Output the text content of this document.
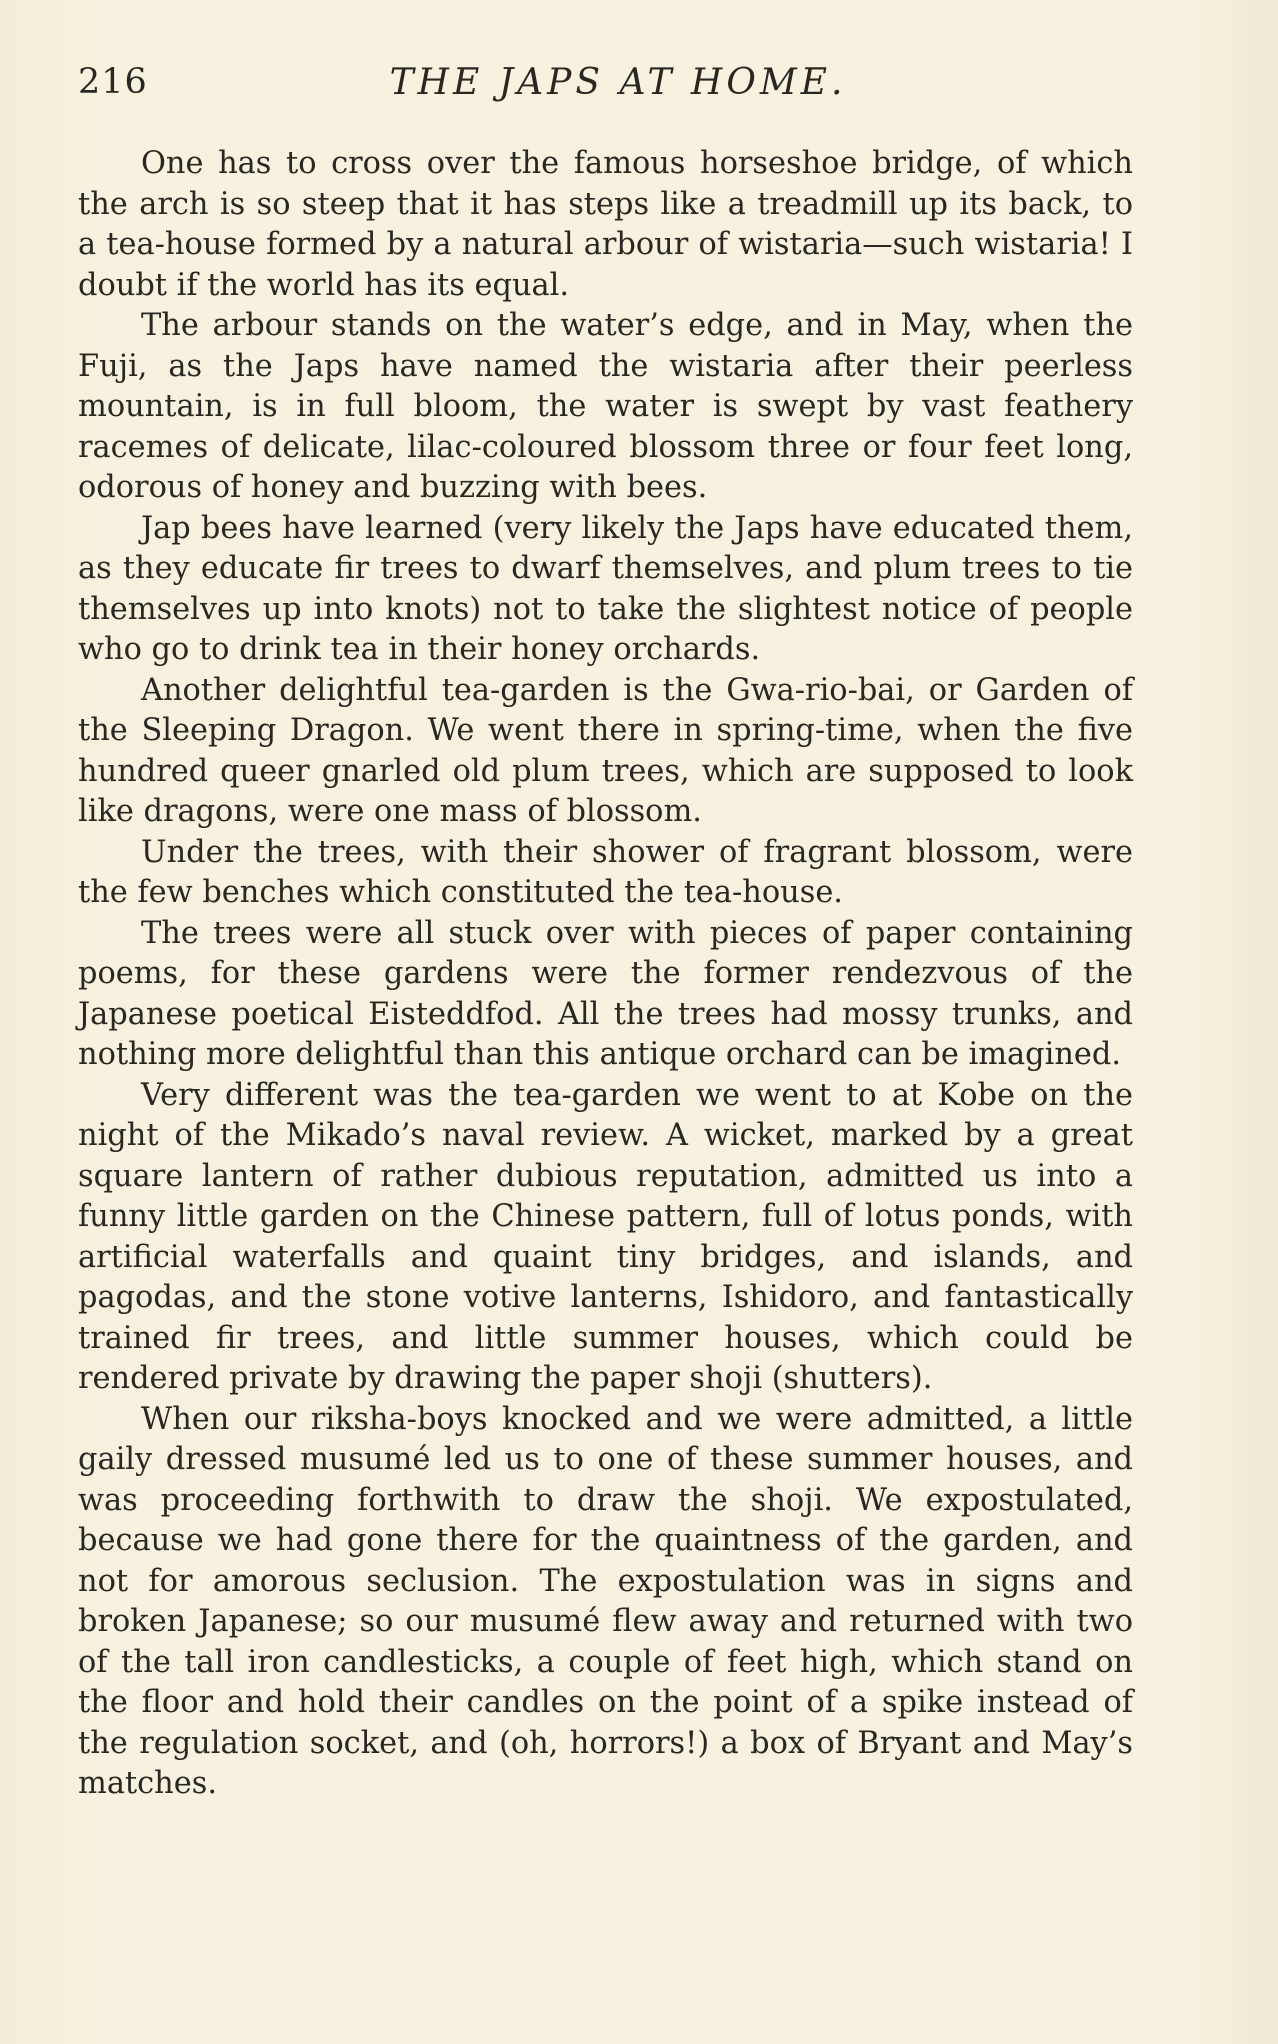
216	THE JAPS AT HOME.

One has to cross over the famous horseshoe bridge, of which the arch is so steep that it has steps like a treadmill up its back, to a tea-house formed by a natural arbour of wistaria—such wistaria! I doubt if the world has its equal.

The arbour stands on the water’s edge, and in May, when the Fuji, as the Japs have named the wistaria after their peerless mountain, is in full bloom, the water is swept by vast feathery racemes of delicate, lilac-coloured blossom three or four feet long, odorous of honey and buzzing with bees.

Jap bees have learned (very likely the Japs have educated them, as they educate fir trees to dwarf themselves, and plum trees to tie themselves up into knots) not to take the slightest notice of people who go to drink tea in their honey orchards.

Another delightful tea-garden is the Gwa-rio-bai, or Garden of the Sleeping Dragon. We went there in spring-time, when the five hundred queer gnarled old plum trees, which are supposed to look like dragons, were one mass of blossom.

Under the trees, with their shower of fragrant blossom, were the few benches which constituted the tea-house.

The trees were all stuck over with pieces of paper containing poems, for these gardens were the former rendezvous of the Japanese poetical Eisteddfod. All the trees had mossy trunks, and nothing more delightful than this antique orchard can be imagined.

Very different was the tea-garden we went to at Kobe on the night of the Mikado’s naval review. A wicket, marked by a great square lantern of rather dubious reputation, admitted us into a funny little garden on the Chinese pattern, full of lotus ponds, with artificial waterfalls and quaint tiny bridges, and islands, and pagodas, and the stone votive lanterns, Ishidoro, and fantastically trained fir trees, and little summer houses, which could be rendered private by drawing the paper shoji (shutters).

When our riksha-boys knocked and we were admitted, a little gaily dressed musumé led us to one of these summer houses, and was proceeding forthwith to draw the shoji. We expostulated, because we had gone there for the quaintness of the garden, and not for amorous seclusion. The expostulation was in signs and broken Japanese; so our musumé flew away and returned with two of the tall iron candlesticks, a couple of feet high, which stand on the floor and hold their candles on the point of a spike instead of the regulation socket, and (oh, horrors!) a box of Bryant and May’s matches.
